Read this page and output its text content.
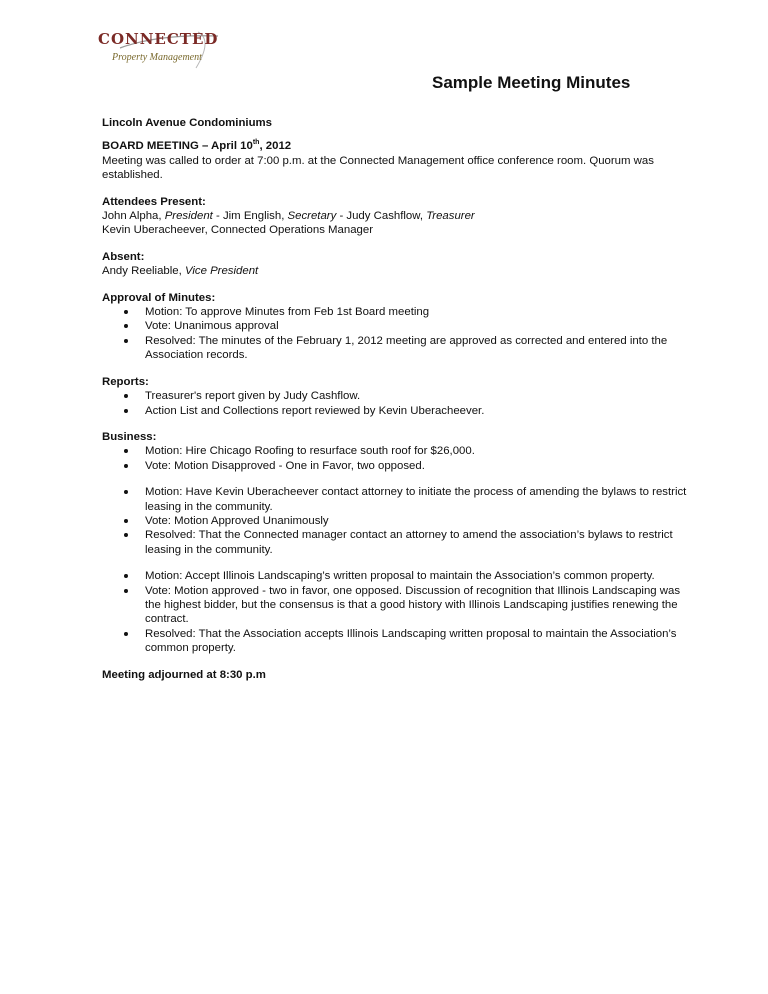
CONNECTED
Property Management
Sample Meeting Minutes
Lincoln Avenue Condominiums
BOARD MEETING – April 10th, 2012
Meeting was called to order at 7:00 p.m. at the Connected Management office conference room. Quorum was established.
Attendees Present:
John Alpha, President - Jim English, Secretary - Judy Cashflow, Treasurer
Kevin Uberacheever, Connected Operations Manager
Absent:
Andy Reeliable, Vice President
Approval of Minutes:
Motion: To approve Minutes from Feb 1st Board meeting
Vote: Unanimous approval
Resolved: The minutes of the February 1, 2012 meeting are approved as corrected and entered into the Association records.
Reports:
Treasurer's report given by Judy Cashflow.
Action List and Collections report reviewed by Kevin Uberacheever.
Business:
Motion: Hire Chicago Roofing to resurface south roof for $26,000.
Vote: Motion Disapproved - One in Favor, two opposed.
Motion: Have Kevin Uberacheever contact attorney to initiate the process of amending the bylaws to restrict leasing in the community.
Vote: Motion Approved Unanimously
Resolved: That the Connected manager contact an attorney to amend the association’s bylaws to restrict leasing in the community.
Motion: Accept Illinois Landscaping’s written proposal to maintain the Association’s common property.
Vote: Motion approved - two in favor, one opposed. Discussion of recognition that Illinois Landscaping was the highest bidder, but the consensus is that a good history with Illinois Landscaping justifies renewing the contract.
Resolved: That the Association accepts Illinois Landscaping written proposal to maintain the Association’s common property.
Meeting adjourned at 8:30 p.m
